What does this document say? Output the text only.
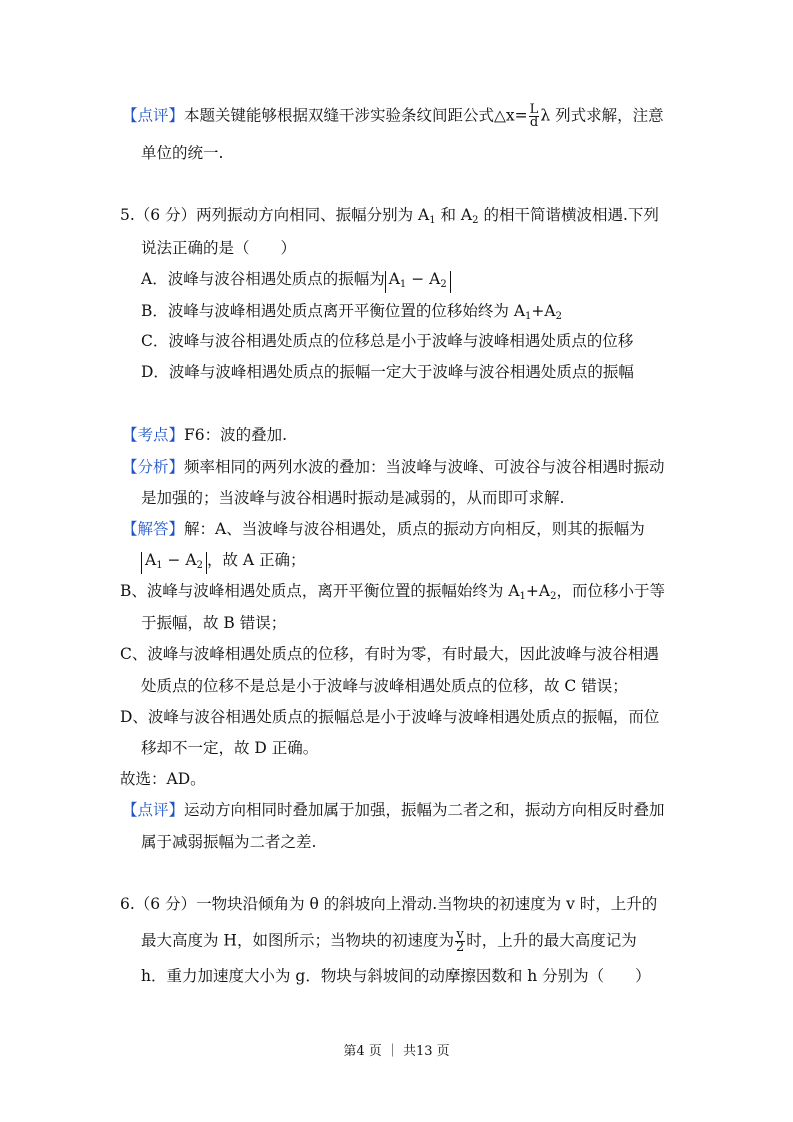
【点评】本题关键能够根据双缝干涉实验条纹间距公式△x= $\frac{L}{d}$ λ 列式求解，注意
单位的统一.
5.（6 分）两列振动方向相同、振幅分别为 $A_1$ 和 $A_2$ 的相干简谐横波相遇.下列
说法正确的是（　　）
A．波峰与波谷相遇处质点的振幅为 $A_1 - A_2$
B．波峰与波峰相遇处质点离开平衡位置的位移始终为 $A_1+A_2$
C．波峰与波谷相遇处质点的位移总是小于波峰与波峰相遇处质点的位移
D．波峰与波峰相遇处质点的振幅一定大于波峰与波谷相遇处质点的振幅
【考点】F6：波的叠加.
【分析】频率相同的两列水波的叠加：当波峰与波峰、可波谷与波谷相遇时振动
是加强的；当波峰与波谷相遇时振动是减弱的，从而即可求解.
【解答】解：A、当波峰与波谷相遇处，质点的振动方向相反，则其的振幅为
$A_1 - A_2$ ，故 A 正确；
B、波峰与波峰相遇处质点，离开平衡位置的振幅始终为 $A_1+A_2$，而位移小于等
于振幅，故 B 错误；
C、波峰与波峰相遇处质点的位移，有时为零，有时最大，因此波峰与波谷相遇
处质点的位移不是总是小于波峰与波峰相遇处质点的位移，故 C 错误；
D、波峰与波谷相遇处质点的振幅总是小于波峰与波峰相遇处质点的振幅，而位
移却不一定，故 D 正确。
故选：AD。
【点评】运动方向相同时叠加属于加强，振幅为二者之和，振动方向相反时叠加
属于减弱振幅为二者之差.
6.（6 分）一物块沿倾角为 θ 的斜坡向上滑动.当物块的初速度为 v 时，上升的
最大高度为 H，如图所示；当物块的初速度为 $\frac{v}{2}$ 时，上升的最大高度记为
h．重力加速度大小为 g．物块与斜坡间的动摩擦因数和 h 分别为（　　）
第4 页 ｜ 共13 页
